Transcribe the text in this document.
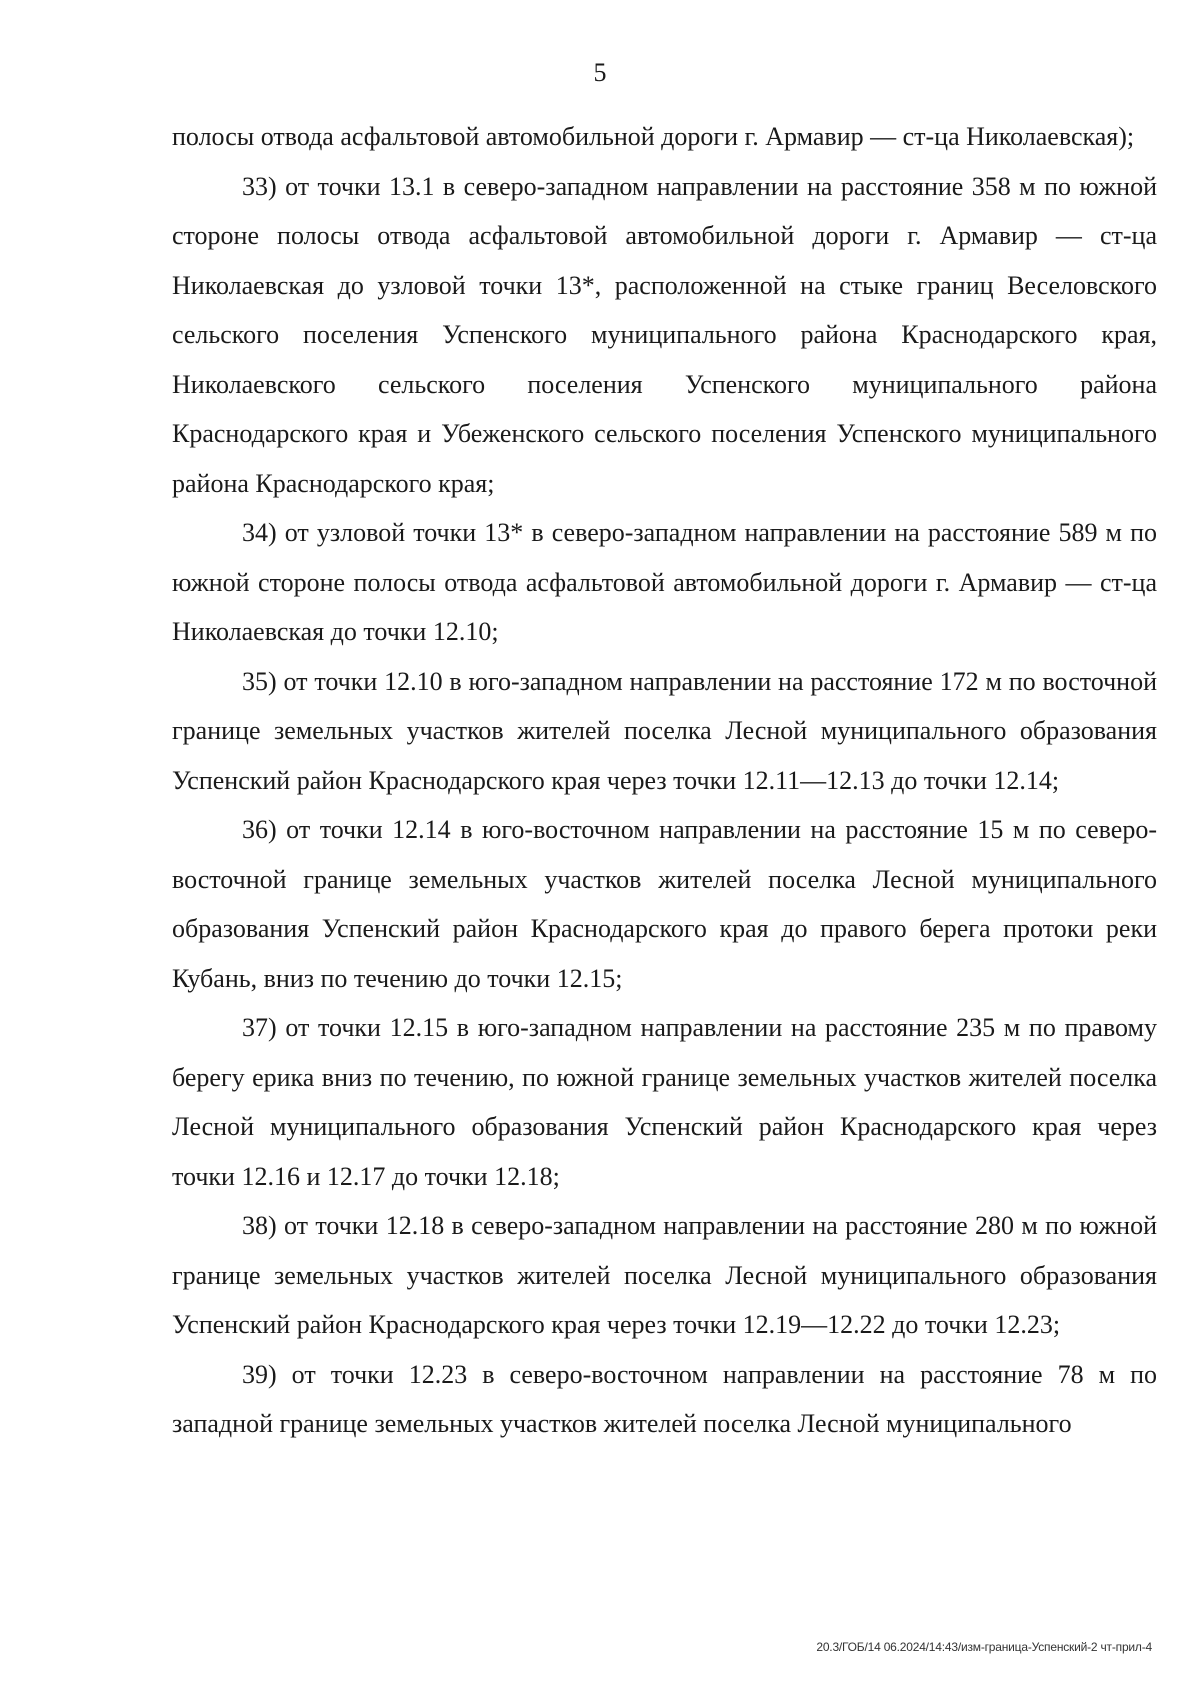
5

полосы отвода асфальтовой автомобильной дороги г. Армавир — ст-ца Николаевская);

33) от точки 13.1 в северо-западном направлении на расстояние 358 м по южной стороне полосы отвода асфальтовой автомобильной дороги г. Армавир — ст-ца Николаевская до узловой точки 13*, расположенной на стыке границ Веселовского сельского поселения Успенского муниципального района Краснодарского края, Николаевского сельского поселения Успенского муниципального района Краснодарского края и Убеженского сельского поселения Успенского муниципального района Краснодарского края;

34) от узловой точки 13* в северо-западном направлении на расстояние 589 м по южной стороне полосы отвода асфальтовой автомобильной дороги г. Армавир — ст-ца Николаевская до точки 12.10;

35) от точки 12.10 в юго-западном направлении на расстояние 172 м по восточной границе земельных участков жителей поселка Лесной муниципального образования Успенский район Краснодарского края через точки 12.11—12.13 до точки 12.14;

36) от точки 12.14 в юго-восточном направлении на расстояние 15 м по северо-восточной границе земельных участков жителей поселка Лесной муниципального образования Успенский район Краснодарского края до правого берега протоки реки Кубань, вниз по течению до точки 12.15;

37) от точки 12.15 в юго-западном направлении на расстояние 235 м по правому берегу ерика вниз по течению, по южной границе земельных участков жителей поселка Лесной муниципального образования Успенский район Краснодарского края через точки 12.16 и 12.17 до точки 12.18;

38) от точки 12.18 в северо-западном направлении на расстояние 280 м по южной границе земельных участков жителей поселка Лесной муниципального образования Успенский район Краснодарского края через точки 12.19—12.22 до точки 12.23;

39) от точки 12.23 в северо-восточном направлении на расстояние 78 м по западной границе земельных участков жителей поселка Лесной муниципального

20.3/ГОБ/14 06.2024/14:43/изм-граница-Успенский-2 чт-прил-4
